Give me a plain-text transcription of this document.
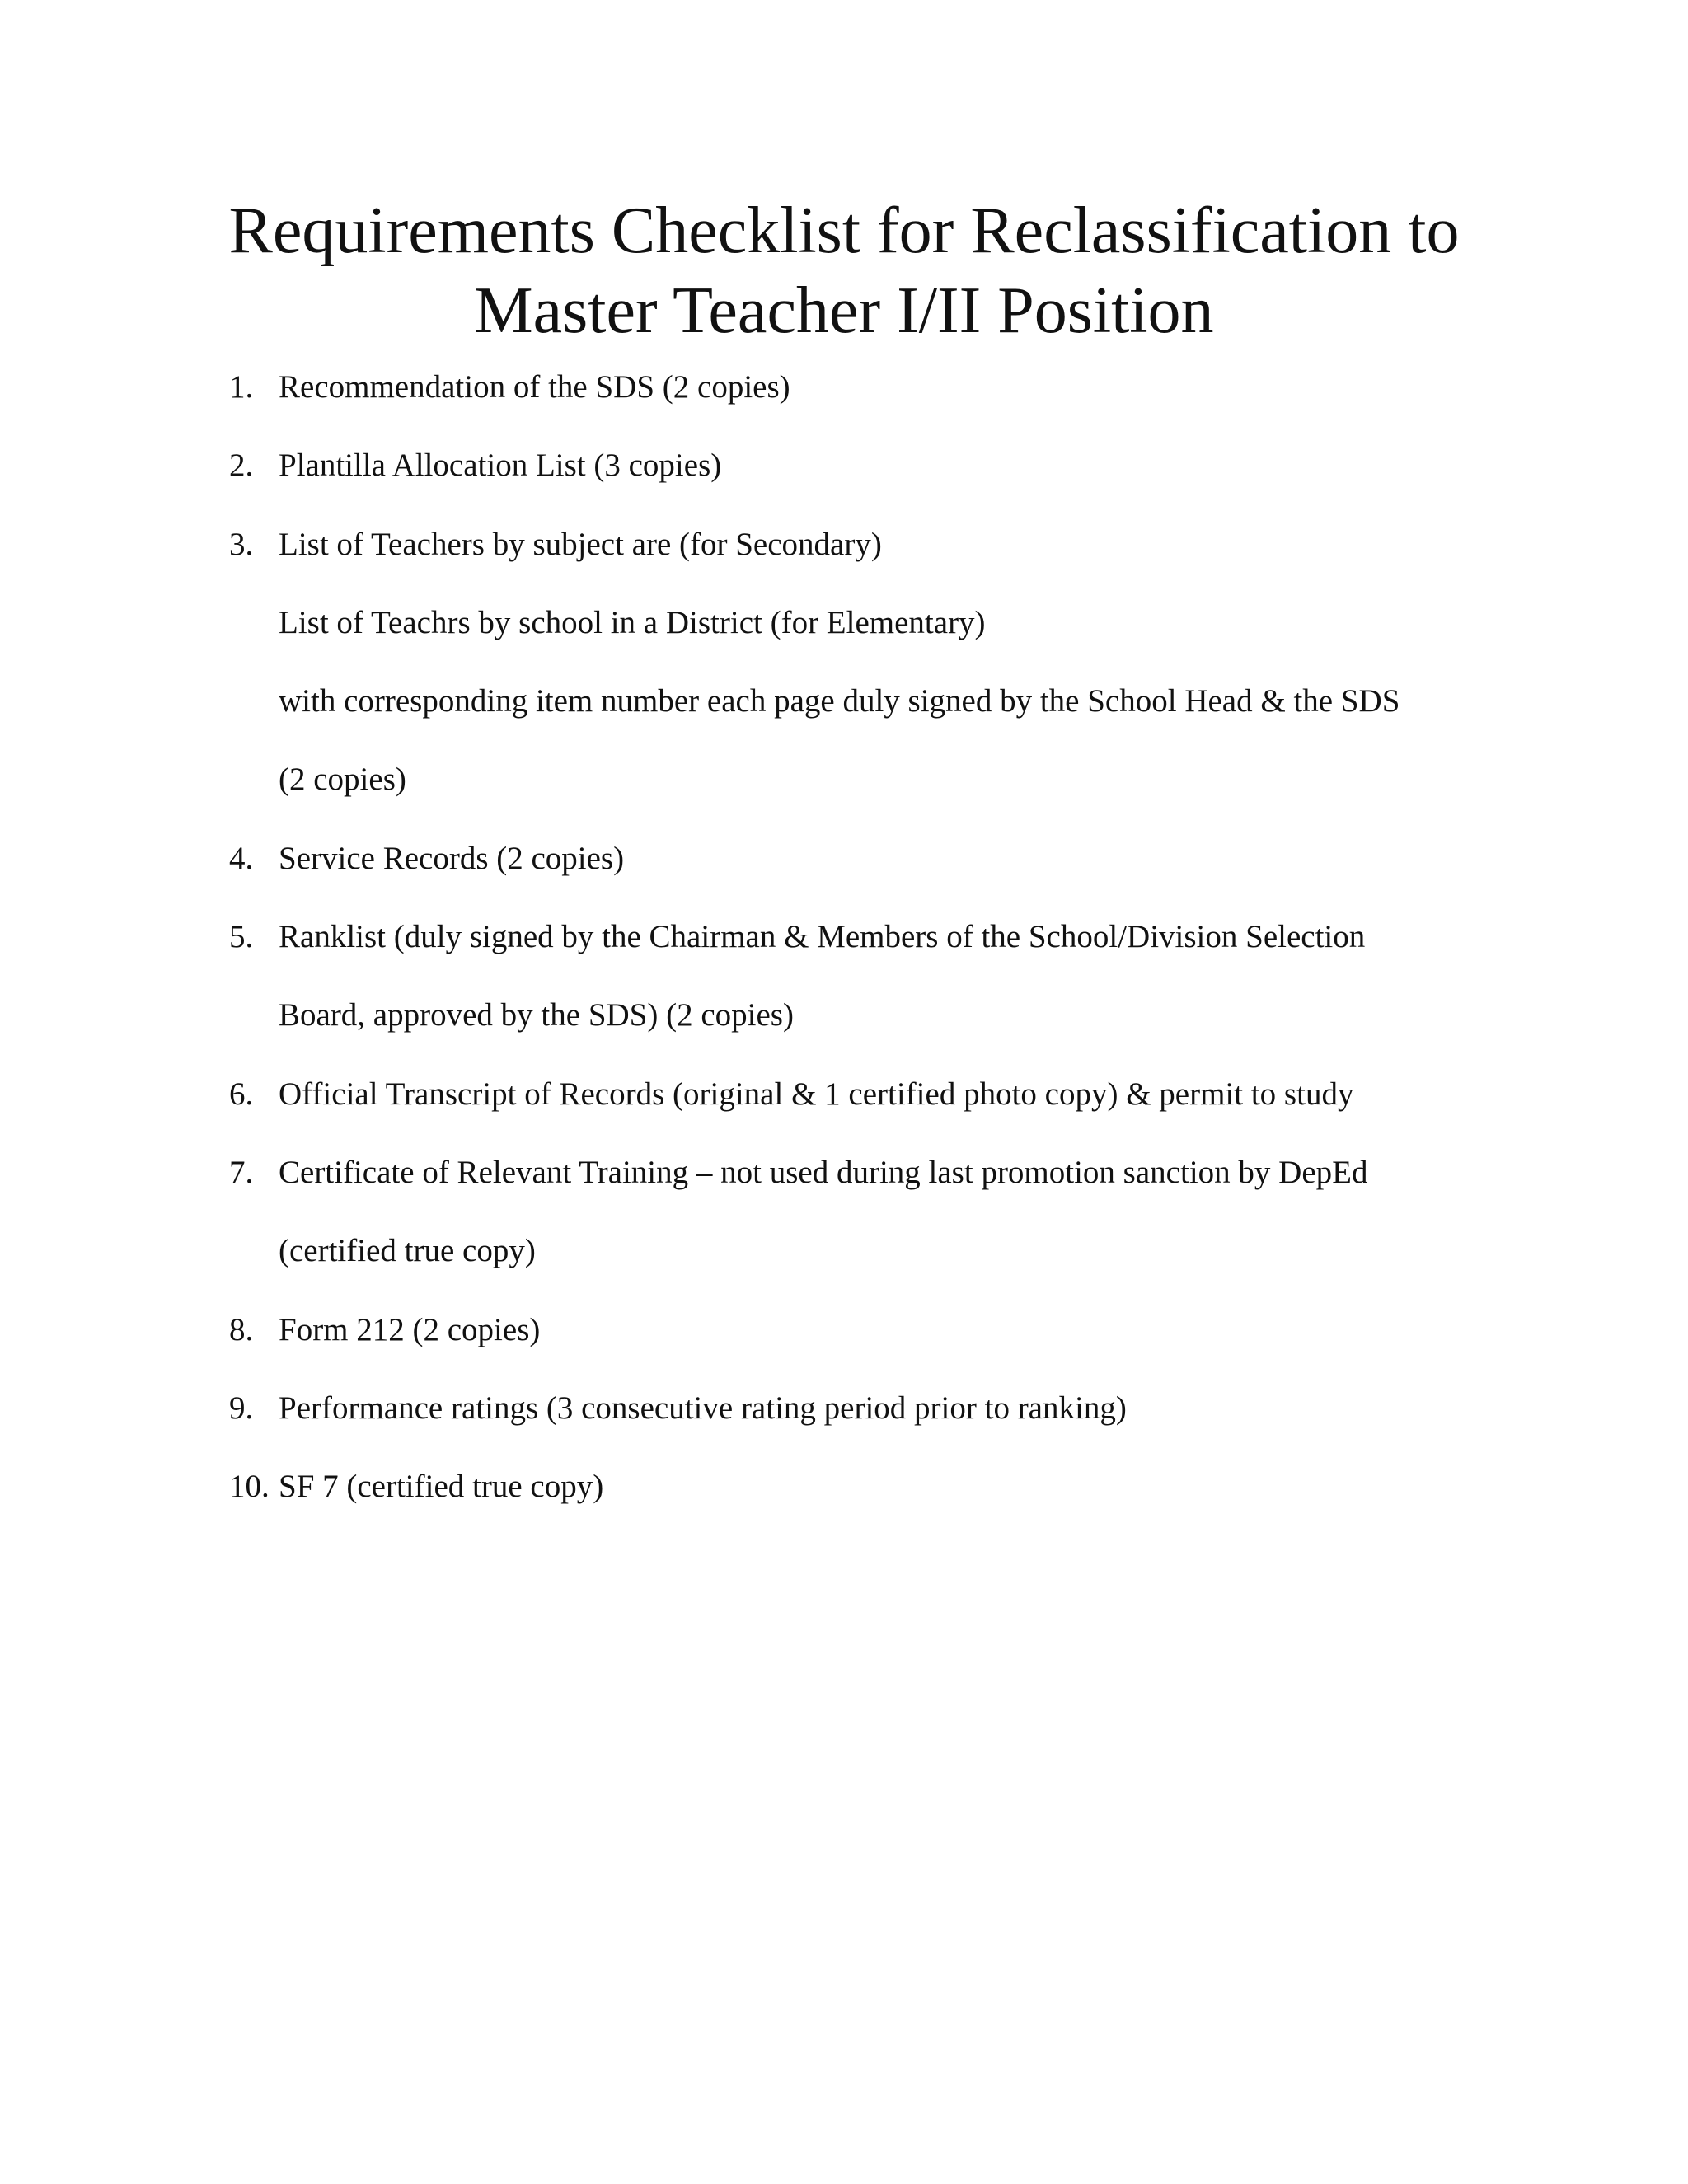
Requirements Checklist for Reclassification to
Master Teacher I/II Position
1. Recommendation of the SDS (2 copies)
2. Plantilla Allocation List (3 copies)
3. List of Teachers by subject are (for Secondary)
List of Teachrs by school in a District (for Elementary)
with corresponding item number each page duly signed by the School Head & the SDS
(2 copies)
4. Service Records (2 copies)
5. Ranklist (duly signed by the Chairman & Members of the School/Division Selection
Board, approved by the SDS) (2 copies)
6. Official Transcript of Records (original & 1 certified photo copy) & permit to study
7. Certificate of Relevant Training – not used during last promotion sanction by DepEd
(certified true copy)
8. Form 212 (2 copies)
9. Performance ratings (3 consecutive rating period prior to ranking)
10. SF 7 (certified true copy)
